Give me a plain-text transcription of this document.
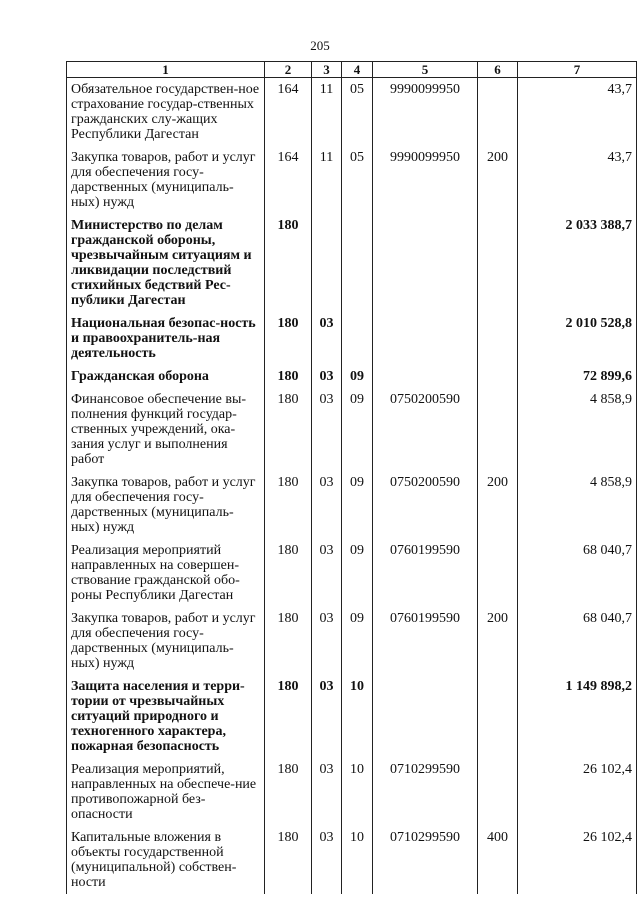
205
1	2	3	4	5	6	7
Обязательное государствен-ное страхование государ-ственных гражданских слу-жащих Республики Дагестан	164	11	05	9990099950		43,7
Закупка товаров, работ и услуг для обеспечения госу-дарственных (муниципаль-ных) нужд	164	11	05	9990099950	200	43,7
Министерство по делам гражданской обороны, чрезвычайным ситуациям и ликвидации последствий стихийных бедствий Рес-публики Дагестан	180					2 033 388,7
Национальная безопас-ность и правоохранитель-ная деятельность	180	03				2 010 528,8
Гражданская оборона	180	03	09			72 899,6
Финансовое обеспечение вы-полнения функций государ-ственных учреждений, ока-зания услуг и выполнения работ	180	03	09	0750200590		4 858,9
Закупка товаров, работ и услуг для обеспечения госу-дарственных (муниципаль-ных) нужд	180	03	09	0750200590	200	4 858,9
Реализация мероприятий направленных на совершен-ствование гражданской обо-роны Республики Дагестан	180	03	09	0760199590		68 040,7
Закупка товаров, работ и услуг для обеспечения госу-дарственных (муниципаль-ных) нужд	180	03	09	0760199590	200	68 040,7
Защита населения и терри-тории от чрезвычайных ситуаций природного и техногенного характера, пожарная безопасность	180	03	10			1 149 898,2
Реализация мероприятий, направленных на обеспече-ние противопожарной без-опасности	180	03	10	0710299590		26 102,4
Капитальные вложения в объекты государственной (муниципальной) собствен-ности	180	03	10	0710299590	400	26 102,4
